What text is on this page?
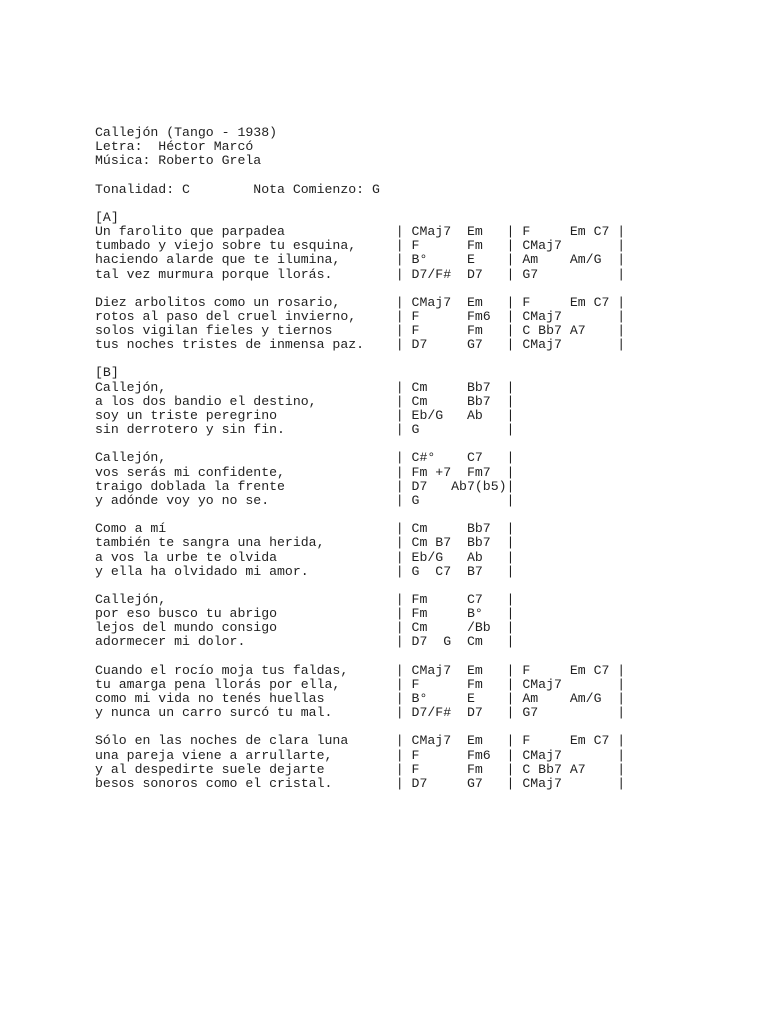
Callejón (Tango - 1938)
Letra:  Héctor Marcó
Música: Roberto Grela
Tonalidad: C        Nota Comienzo: G
[A]
Un farolito que parpadea              | CMaj7  Em   | F     Em C7 |
tumbado y viejo sobre tu esquina,     | F      Fm   | CMaj7       |
haciendo alarde que te ilumina,       | B°     E    | Am    Am/G  |
tal vez murmura porque llorás.        | D7/F#  D7   | G7          |
Diez arbolitos como un rosario,       | CMaj7  Em   | F     Em C7 |
rotos al paso del cruel invierno,     | F      Fm6  | CMaj7       |
solos vigilan fieles y tiernos        | F      Fm   | C Bb7 A7    |
tus noches tristes de inmensa paz.    | D7     G7   | CMaj7       |
[B]
Callejón,                             | Cm     Bb7  |
a los dos bandio el destino,          | Cm     Bb7  |
soy un triste peregrino               | Eb/G   Ab   |
sin derrotero y sin fin.              | G           |
Callejón,                             | C#°    C7   |
vos serás mi confidente,              | Fm +7  Fm7  |
traigo doblada la frente              | D7   Ab7(b5)|
y adónde voy yo no se.                | G           |
Como a mí                             | Cm     Bb7  |
también te sangra una herida,         | Cm B7  Bb7  |
a vos la urbe te olvida               | Eb/G   Ab   |
y ella ha olvidado mi amor.           | G  C7  B7   |
Callejón,                             | Fm     C7   |
por eso busco tu abrigo               | Fm     B°   |
lejos del mundo consigo               | Cm     /Bb  |
adormecer mi dolor.                   | D7  G  Cm   |
Cuando el rocío moja tus faldas,      | CMaj7  Em   | F     Em C7 |
tu amarga pena llorás por ella,       | F      Fm   | CMaj7       |
como mi vida no tenés huellas         | B°     E    | Am    Am/G  |
y nunca un carro surcó tu mal.        | D7/F#  D7   | G7          |
Sólo en las noches de clara luna      | CMaj7  Em   | F     Em C7 |
una pareja viene a arrullarte,        | F      Fm6  | CMaj7       |
y al despedirte suele dejarte         | F      Fm   | C Bb7 A7    |
besos sonoros como el cristal.        | D7     G7   | CMaj7       |
